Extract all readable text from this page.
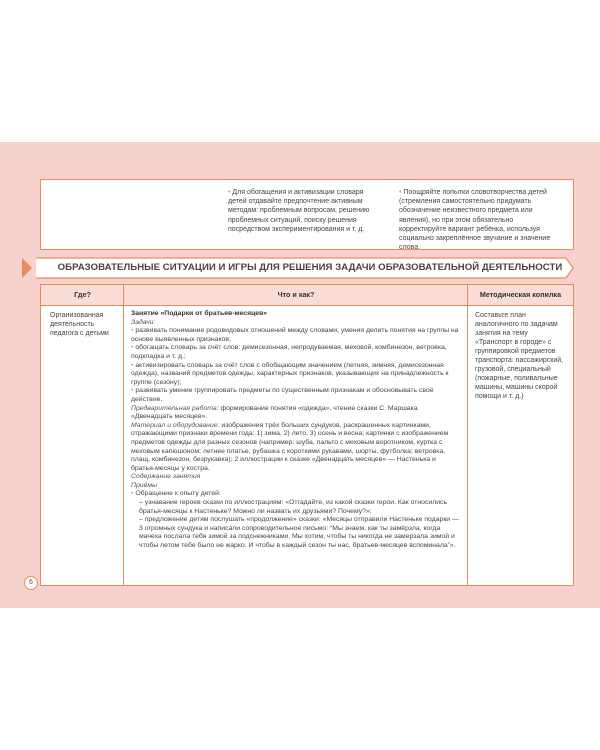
• Для обогащения и активизации словаря детей отдавайте предпочтение активным методам: проблемным вопросам, решению проблемных ситуаций, поиску решения посредством экспериментирования и т. д.
• Поощряйте попытки словотворчества детей (стремления самостоятельно придумать обозначение неизвестного предмета или явления), но при этом обязательно корректируйте вариант ребёнка, используя социально закреплённое звучание и значение слова.
ОБРАЗОВАТЕЛЬНЫЕ СИТУАЦИИ И ИГРЫ ДЛЯ РЕШЕНИЯ ЗАДАЧИ ОБРАЗОВАТЕЛЬНОЙ ДЕЯТЕЛЬНОСТИ
Где?	Что и как?	Методическая копилка
Организованная деятельность педагога с детьми

Занятие «Подарки от братьев-месяцев»

Задачи:

• развивать понимание родовидовых отношений между словами, умения делить понятия на группы на основе выявленных признаков;

• обогащать словарь за счёт слов: демисезонная, непродуваемая, меховой, комбинезон, ветровка, подкладка и т. д.;

• активизировать словарь за счёт слов с обобщающим значением (летняя, зимняя, демисезонная одежда), названий предметов одежды, характерных признаков, указывающих на принадлежность к группе (сезону);

• развивать умение группировать предметы по существенным признакам и обосновывать своё действие.

Предварительная работа: формирование понятия «одежда», чтение сказки С. Маршака «Двенадцать месяцев».

Материал и оборудование: изображения трёх больших сундуков, раскрашенных картинками, отражающими признаки времени года: 1) зима, 2) лето, 3) осень и весна; картинки с изображением предметов одежды для разных сезонов (например: шуба, пальто с меховым воротником, куртка с меховым капюшоном; летнее платье, рубашка с короткими рукавами, шорты, футболка; ветровка, плащ, комбинезон, безрукавка); 2 иллюстрации к сказке «Двенадцать месяцев» — Настенька и братья-месяцы у костра.

Содержание занятия

Приёмы

• Обращение к опыту детей:

– узнавание героев сказки по иллюстрациям: «Отгадайте, из какой сказки герои. Как относились братья-месяцы к Настеньке? Можно ли назвать их друзьями? Почему?»;

– предложение детям послушать «продолжение» сказки: «Месяцы отправили Настеньке подарки — 3 огромных сундука и написали сопроводительное письмо: “Мы знаем, как ты замёрзла, когда мачеха послала тебя зимой за подснежниками. Мы хотим, чтобы ты никогда не замерзала зимой и чтобы летом тебе было не жарко. И чтобы в каждый сезон ты нас, братьев-месяцев вспоминала”».

Составьте план аналогичного по задачам занятия на тему «Транспорт в городе» с группировкой предметов транспорта: пассажирский, грузовой, специальный (пожарные, поливальные машины, машины скорой помощи и т. д.)
6
